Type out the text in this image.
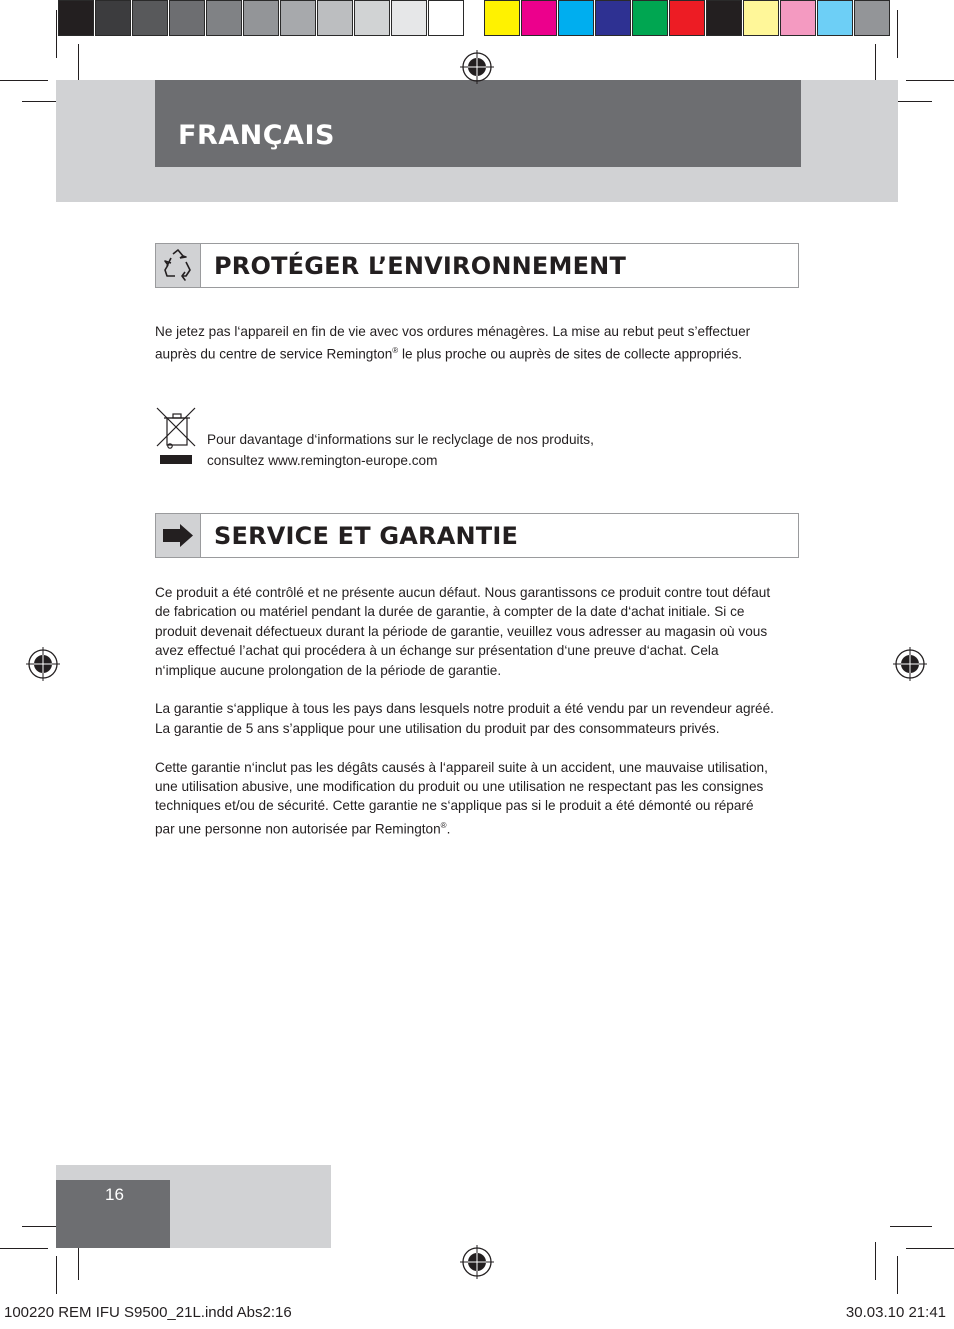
FRANÇAIS
PROTÉGER L’ENVIRONNEMENT

Ne jetez pas l‘appareil en fin de vie avec vos ordures ménagères. La mise au rebut peut s’effectuer auprès du centre de service Remington® le plus proche ou auprès de sites de collecte appropriés.

Pour davantage d‘informations sur le reclyclage de nos produits,

consultez www.remington-europe.com

SERVICE ET GARANTIE

Ce produit a été contrôlé et ne présente aucun défaut. Nous garantissons ce produit contre tout défaut de fabrication ou matériel pendant la durée de garantie, à compter de la date d‘achat initiale. Si ce produit devenait défectueux durant la période de garantie, veuillez vous adresser au magasin où vous avez effectué l’achat qui procédera à un échange sur présentation d‘une preuve d‘achat. Cela n‘implique aucune prolongation de la période de garantie.

La garantie s‘applique à tous les pays dans lesquels notre produit a été vendu par un revendeur agréé.

La garantie de 5 ans s’applique pour une utilisation du produit par des consommateurs privés.

Cette garantie n‘inclut pas les dégâts causés à l‘appareil suite à un accident, une mauvaise utilisation, une utilisation abusive, une modification du produit ou une utilisation ne respectant pas les consignes techniques et/ou de sécurité. Cette garantie ne s‘applique pas si le produit a été démonté ou réparé par une personne non autorisée par Remington®.

16
100220 REM IFU S9500_21L.indd Abs2:16	30.03.10 21:41
